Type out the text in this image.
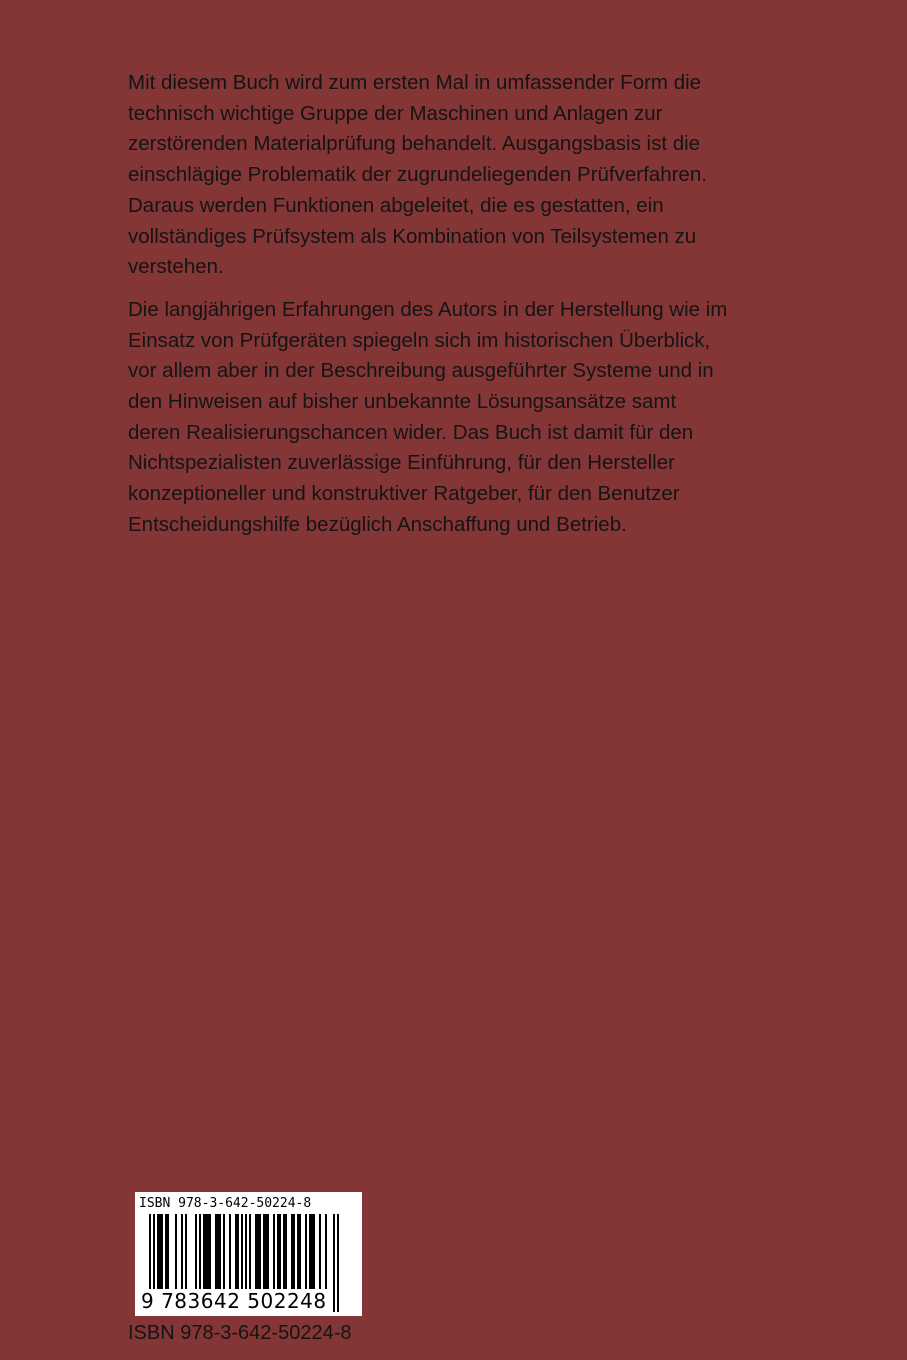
Mit diesem Buch wird zum ersten Mal in umfassender Form die
technisch wichtige Gruppe der Maschinen und Anlagen zur
zerstörenden Materialprüfung behandelt. Ausgangsbasis ist die
einschlägige Problematik der zugrundeliegenden Prüfverfahren.
Daraus werden Funktionen abgeleitet, die es gestatten, ein
vollständiges Prüfsystem als Kombination von Teilsystemen zu
verstehen.

Die langjährigen Erfahrungen des Autors in der Herstellung wie im
Einsatz von Prüfgeräten spiegeln sich im historischen Überblick,
vor allem aber in der Beschreibung ausgeführter Systeme und in
den Hinweisen auf bisher unbekannte Lösungsansätze samt
deren Realisierungschancen wider. Das Buch ist damit für den
Nichtspezialisten zuverlässige Einführung, für den Hersteller
konzeptioneller und konstruktiver Ratgeber, für den Benutzer
Entscheidungshilfe bezüglich Anschaffung und Betrieb.

ISBN 978-3-642-50224-8
9 783642 502248
ISBN 978-3-642-50224-8
